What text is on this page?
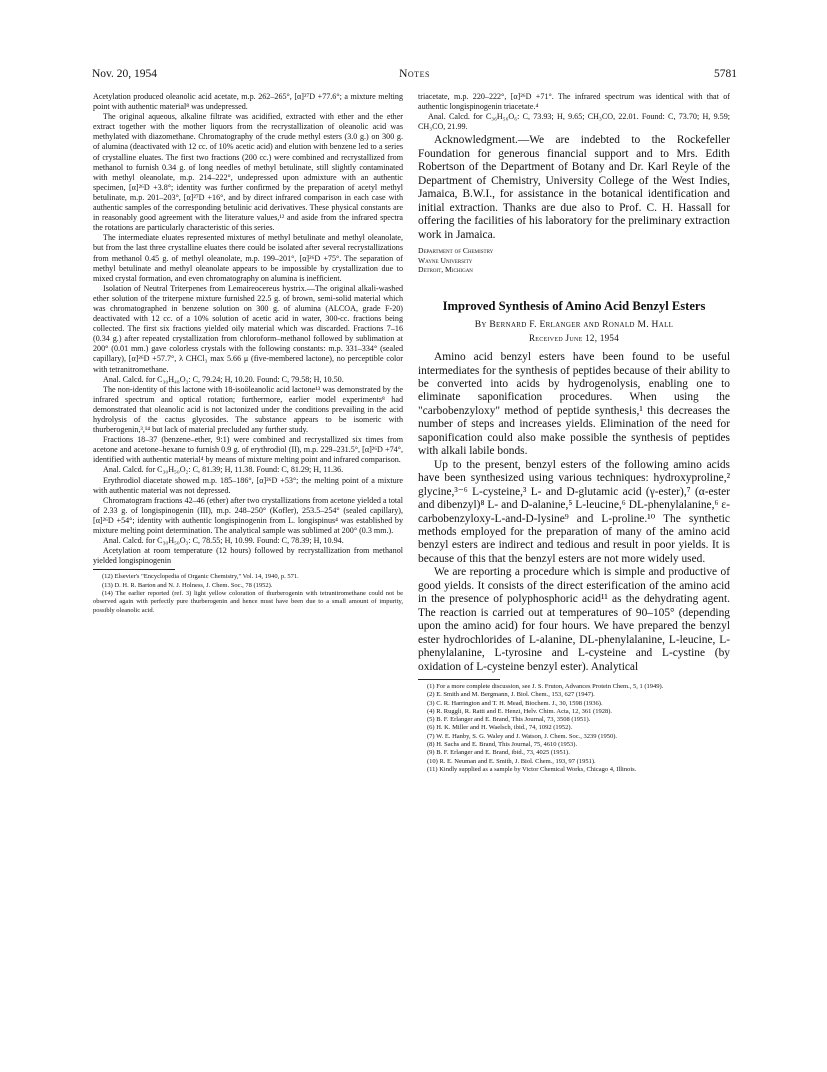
Nov. 20, 1954	Notes	5781

Acetylation produced oleanolic acid acetate, m.p. 262–265°, [α]²⁷D +77.6°; a mixture melting point with authentic material⁸ was undepressed.

The original aqueous, alkaline filtrate was acidified, extracted with ether and the ether extract together with the mother liquors from the recrystallization of oleanolic acid was methylated with diazomethane. Chromatography of the crude methyl esters (3.0 g.) on 300 g. of alumina (deactivated with 12 cc. of 10% acetic acid) and elution with benzene led to a series of crystalline eluates. The first two fractions (200 cc.) were combined and recrystallized from methanol to furnish 0.34 g. of long needles of methyl betulinate, still slightly contaminated with methyl oleanolate, m.p. 214–222°, undepressed upon admixture with an authentic specimen, [α]²⁶D +3.8°; identity was further confirmed by the preparation of acetyl methyl betulinate, m.p. 201–203°, [α]²⁷D +16°, and by direct infrared comparison in each case with authentic samples of the corresponding betulinic acid derivatives. These physical constants are in reasonably good agreement with the literature values,¹² and aside from the infrared spectra the rotations are particularly characteristic of this series.

The intermediate eluates represented mixtures of methyl betulinate and methyl oleanolate, but from the last three crystalline eluates there could be isolated after several recrystallizations from methanol 0.45 g. of methyl oleanolate, m.p. 199–201°, [α]²⁶D +75°. The separation of methyl betulinate and methyl oleanolate appears to be impossible by crystallization due to mixed crystal formation, and even chromatography on alumina is inefficient.

Isolation of Neutral Triterpenes from Lemaireocereus hystrix.—The original alkali-washed ether solution of the triterpene mixture furnished 22.5 g. of brown, semi-solid material which was chromatographed in benzene solution on 300 g. of alumina (ALCOA, grade F-20) deactivated with 12 cc. of a 10% solution of acetic acid in water, 300-cc. fractions being collected. The first six fractions yielded oily material which was discarded. Fractions 7–16 (0.34 g.) after repeated crystallization from chloroform–methanol followed by sublimation at 200° (0.01 mm.) gave colorless crystals with the following constants: m.p. 331–334° (sealed capillary), [α]²⁶D +57.7°, λ CHCl₃ max 5.66 μ (five-membered lactone), no perceptible color with tetranitromethane.

Anal. Calcd. for C₃₀H₄₈O₃: C, 79.24; H, 10.20. Found: C, 79.58; H, 10.50.

The non-identity of this lactone with 18-isoöleanolic acid lactone¹³ was demonstrated by the infrared spectrum and optical rotation; furthermore, earlier model experiments⁸ had demonstrated that oleanolic acid is not lactonized under the conditions prevailing in the acid hydrolysis of the cactus glycosides. The substance appears to be isomeric with thurberogenin,³,¹⁴ but lack of material precluded any further study.

Fractions 18–37 (benzene–ether, 9:1) were combined and recrystallized six times from acetone and acetone–hexane to furnish 0.9 g. of erythrodiol (II), m.p. 229–231.5°, [α]²⁶D +74°, identified with authentic material⁴ by means of mixture melting point and infrared comparison.

Anal. Calcd. for C₃₀H₅₀O₂: C, 81.39; H, 11.38. Found: C, 81.29; H, 11.36.

Erythrodiol diacetate showed m.p. 185–186°, [α]²⁶D +53°; the melting point of a mixture with authentic material was not depressed.

Chromatogram fractions 42–46 (ether) after two crystallizations from acetone yielded a total of 2.33 g. of longispinogenin (III), m.p. 248–250° (Kofler), 253.5–254° (sealed capillary), [α]²⁶D +54°; identity with authentic longispinogenin from L. longispinus⁴ was established by mixture melting point determination. The analytical sample was sublimed at 200° (0.3 mm.).

Anal. Calcd. for C₃₀H₅₀O₃: C, 78.55; H, 10.99. Found: C, 78.39; H, 10.94.

Acetylation at room temperature (12 hours) followed by recrystallization from methanol yielded longispinogenin

(12) Elsevier's "Encyclopedia of Organic Chemistry," Vol. 14, 1940, p. 571.

(13) D. H. R. Barton and N. J. Holness, J. Chem. Soc., 78 (1952).

(14) The earlier reported (ref. 3) light yellow coloration of thurberogenin with tetranitromethane could not be observed again with perfectly pure thurberogenin and hence must have been due to a small amount of impurity, possibly oleanolic acid.

triacetate, m.p. 220–222°, [α]²⁶D +71°. The infrared spectrum was identical with that of authentic longispinogenin triacetate.⁴

Anal. Calcd. for C₃₆H₅₆O₆: C, 73.93; H, 9.65; CH₃CO, 22.01. Found: C, 73.70; H, 9.59; CH₃CO, 21.99.

Acknowledgment.—We are indebted to the Rockefeller Foundation for generous financial support and to Mrs. Edith Robertson of the Department of Botany and Dr. Karl Reyle of the Department of Chemistry, University College of the West Indies, Jamaica, B.W.I., for assistance in the botanical identification and initial extraction. Thanks are due also to Prof. C. H. Hassall for offering the facilities of his laboratory for the preliminary extraction work in Jamaica.

Department of Chemistry
Wayne University
Detroit, Michigan
Improved Synthesis of Amino Acid Benzyl Esters
By Bernard F. Erlanger and Ronald M. Hall
Received June 12, 1954

Amino acid benzyl esters have been found to be useful intermediates for the synthesis of peptides because of their ability to be converted into acids by hydrogenolysis, enabling one to eliminate saponification procedures. When using the "carbobenzyloxy" method of peptide synthesis,¹ this decreases the number of steps and increases yields. Elimination of the need for saponification could also make possible the synthesis of peptides with alkali labile bonds.

Up to the present, benzyl esters of the following amino acids have been synthesized using various techniques: hydroxyproline,² glycine,³⁻⁶ L-cysteine,³ L- and D-glutamic acid (γ-ester),⁷ (α-ester and dibenzyl)⁸ L- and D-alanine,⁵ L-leucine,⁶ DL-phenylalanine,⁶ ε-carbobenzyloxy-L-and-D-lysine⁹ and L-proline.¹⁰ The synthetic methods employed for the preparation of many of the amino acid benzyl esters are indirect and tedious and result in poor yields. It is because of this that the benzyl esters are not more widely used.

We are reporting a procedure which is simple and productive of good yields. It consists of the direct esterification of the amino acid in the presence of polyphosphoric acid¹¹ as the dehydrating agent. The reaction is carried out at temperatures of 90–105° (depending upon the amino acid) for four hours. We have prepared the benzyl ester hydrochlorides of L-alanine, DL-phenylalanine, L-leucine, L-phenylalanine, L-tyrosine and L-cysteine and L-cystine (by oxidation of L-cysteine benzyl ester). Analytical

(1) For a more complete discussion, see J. S. Fruton, Advances Protein Chem., 5, 1 (1949).

(2) E. Smith and M. Bergmann, J. Biol. Chem., 153, 627 (1947).

(3) C. R. Harrington and T. H. Mead, Biochem. J., 30, 1598 (1936).

(4) R. Ruggli, R. Ratti and E. Henzi, Helv. Chim. Acta, 12, 361 (1928).

(5) B. F. Erlanger and E. Brand, This Journal, 73, 3508 (1951).

(6) H. K. Miller and H. Waelsch, ibid., 74, 1092 (1952).

(7) W. E. Hanby, S. G. Waley and J. Watson, J. Chem. Soc., 3239 (1950).

(8) H. Sachs and E. Brand, This Journal, 75, 4610 (1953).

(9) B. F. Erlanger and E. Brand, ibid., 73, 4025 (1951).

(10) R. E. Neuman and E. Smith, J. Biol. Chem., 193, 97 (1951).

(11) Kindly supplied as a sample by Victor Chemical Works, Chicago 4, Illinois.
